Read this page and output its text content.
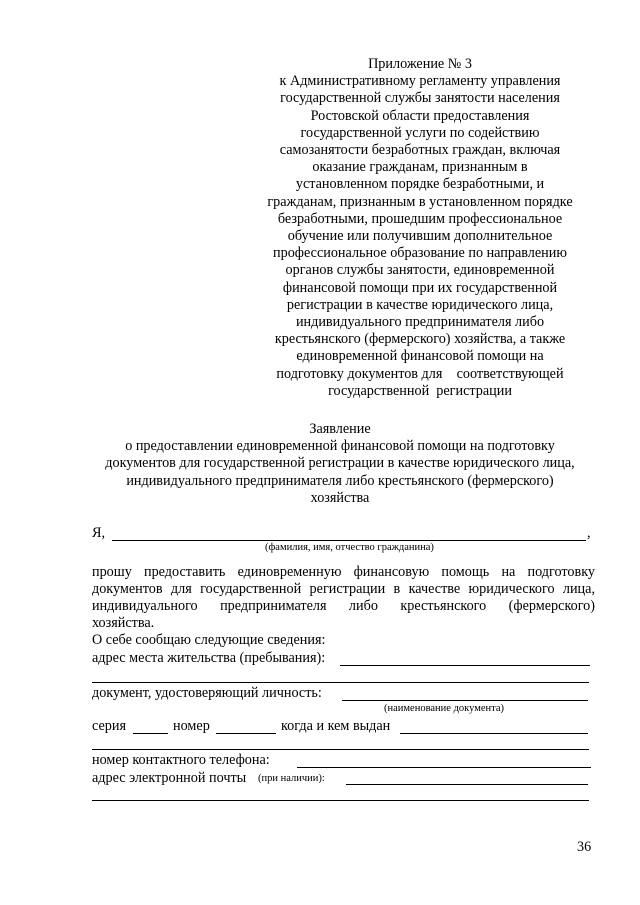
Приложение № 3
к Административному регламенту управления
государственной службы занятости населения
Ростовской области предоставления
государственной услуги по содействию
самозанятости безработных граждан, включая
оказание гражданам, признанным в
установленном порядке безработными, и
гражданам, признанным в установленном порядке
безработными, прошедшим профессиональное
обучение или получившим дополнительное
профессиональное образование по направлению
органов службы занятости, единовременной
финансовой помощи при их государственной
регистрации в качестве юридического лица,
индивидуального предпринимателя либо
крестьянского (фермерского) хозяйства, а также
единовременной финансовой помощи на
подготовку документов для    соответствующей
государственной  регистрации
Заявление
о предоставлении единовременной финансовой помощи на подготовку
документов для государственной регистрации в качестве юридического лица,
индивидуального предпринимателя либо крестьянского (фермерского)
хозяйства
Я,	,
(фамилия, имя, отчество гражданина)
прошу предоставить единовременную финансовую помощь на подготовку
документов для государственной регистрации в качестве юридического лица,
индивидуального предпринимателя либо крестьянского (фермерского)
хозяйства.
О себе сообщаю следующие сведения:
адрес места жительства (пребывания):
документ, удостоверяющий личность:
(наименование документа)
серия	номер	когда и кем выдан
номер контактного телефона:
адрес электронной почты (при наличии):
36
